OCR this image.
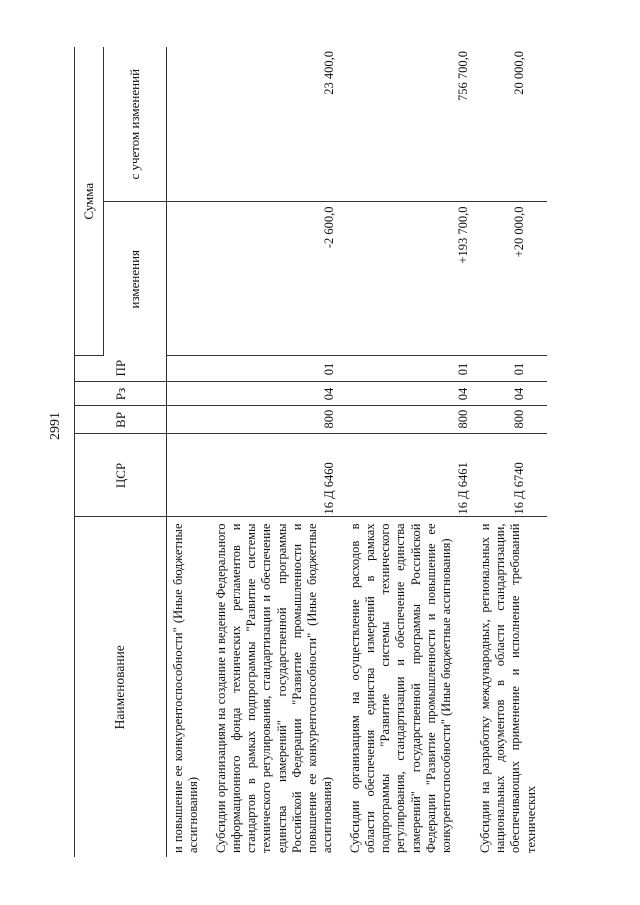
2991
Наименование	ЦСР	ВР	Рз	ПР	Сумма	
					изменения	с учетом изменений
и повышение ее конкурентоспособности" (Иные бюджетные ассигнования)						
Субсидии организациям на создание и ведение Федерального информационного фонда технических регламентов и стандартов в рамках подпрограммы "Развитие системы технического регулирования, стандартизации и обеспечение единства измерений" государственной программы Российской Федерации "Развитие промышленности и повышение ее конкурентоспособности" (Иные бюджетные ассигнования)	16 Д 6460	800	04	01	-2 600,0	23 400,0
Субсидии организациям на осуществление расходов в области обеспечения единства измерений в рамках подпрограммы "Развитие системы технического регулирования, стандартизации и обеспечение единства измерений" государственной программы Российской Федерации "Развитие промышленности и повышение ее конкурентоспособности" (Иные бюджетные ассигнования)	16 Д 6461	800	04	01	+193 700,0	756 700,0
Субсидии на разработку международных, региональных и национальных документов в области стандартизации, обеспечивающих применение и исполнение требований технических	16 Д 6740	800	04	01	+20 000,0	20 000,0
